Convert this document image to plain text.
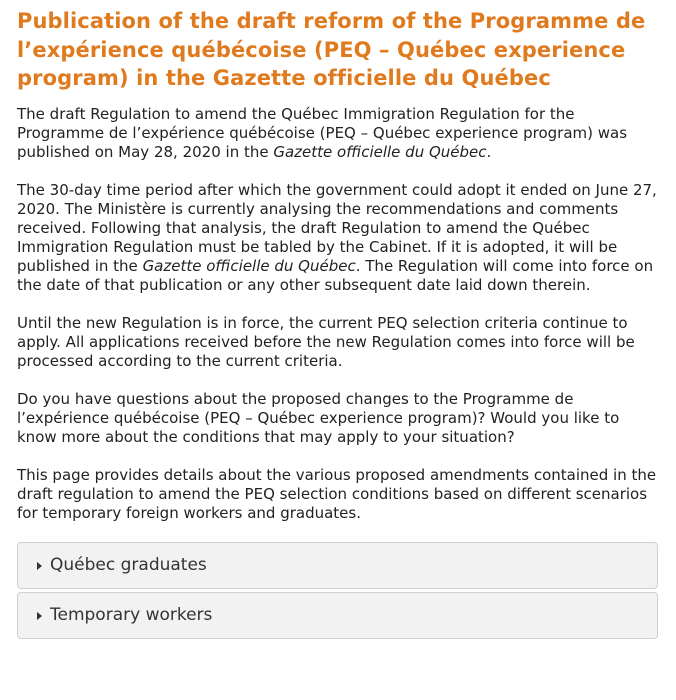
Publication of the draft reform of the Programme de l’expérience québécoise (PEQ – Québec experience program) in the Gazette officielle du Québec

The draft Regulation to amend the Québec Immigration Regulation for the Programme de l’expérience québécoise (PEQ – Québec experience program) was published on May 28, 2020 in the Gazette officielle du Québec.

The 30-day time period after which the government could adopt it ended on June 27, 2020. The Ministère is currently analysing the recommendations and comments received. Following that analysis, the draft Regulation to amend the Québec Immigration Regulation must be tabled by the Cabinet. If it is adopted, it will be published in the Gazette officielle du Québec. The Regulation will come into force on the date of that publication or any other subsequent date laid down therein.

Until the new Regulation is in force, the current PEQ selection criteria continue to apply. All applications received before the new Regulation comes into force will be processed according to the current criteria.

Do you have questions about the proposed changes to the Programme de l’expérience québécoise (PEQ – Québec experience program)? Would you like to know more about the conditions that may apply to your situation?

This page provides details about the various proposed amendments contained in the draft regulation to amend the PEQ selection conditions based on different scenarios for temporary foreign workers and graduates.

Québec graduates
Temporary workers
